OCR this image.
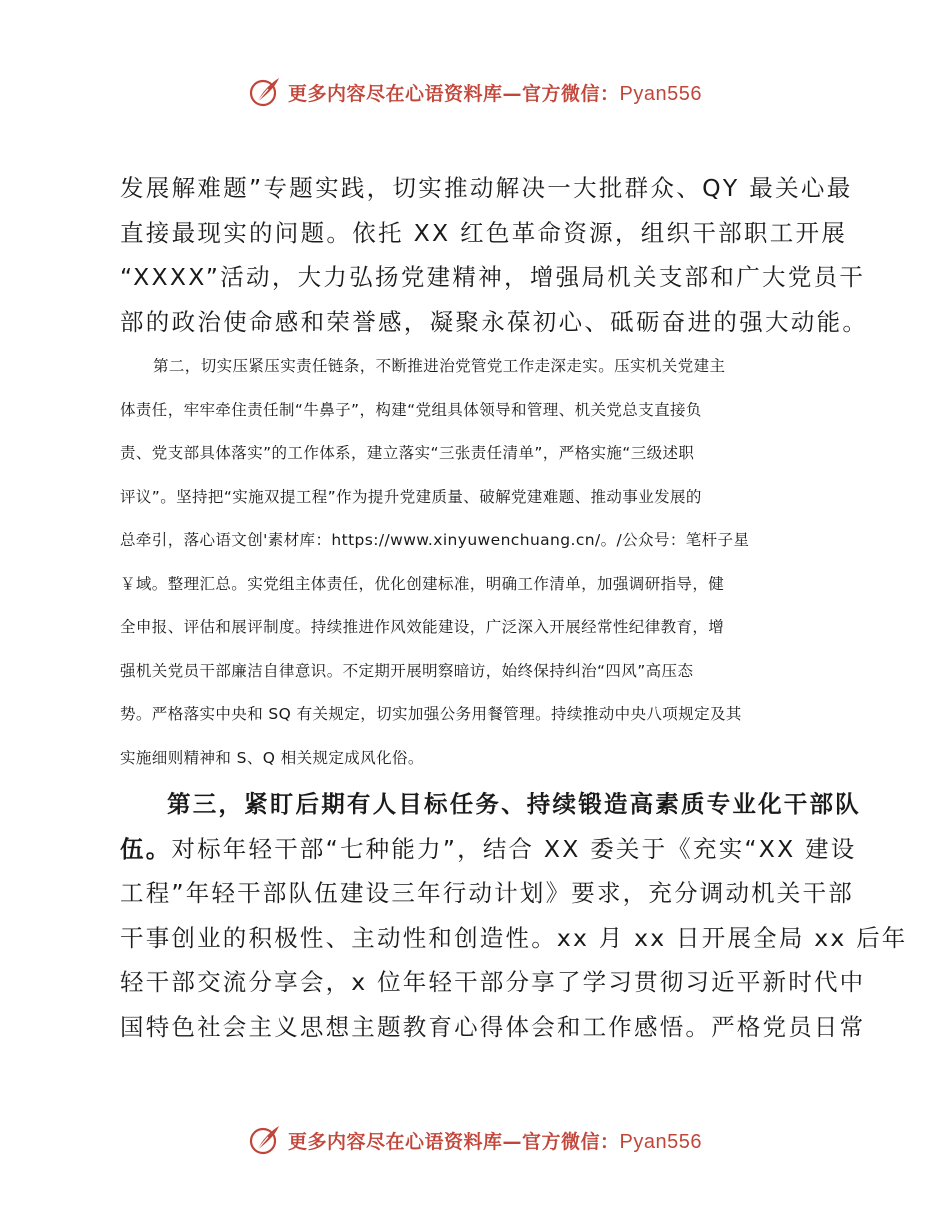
更多内容尽在心语资料库—官方微信：Pyan556
发展解难题”专题实践，切实推动解决一大批群众、QY 最关心最
直接最现实的问题。依托 XX 红色革命资源，组织干部职工开展
“XXXX”活动，大力弘扬党建精神，增强局机关支部和广大党员干
部的政治使命感和荣誉感，凝聚永葆初心、砥砺奋进的强大动能。
第二，切实压紧压实责任链条，不断推进治党管党工作走深走实。压实机关党建主
体责任，牢牢牵住责任制“牛鼻子”，构建“党组具体领导和管理、机关党总支直接负
责、党支部具体落实”的工作体系，建立落实“三张责任清单”，严格实施“三级述职
评议”。坚持把“实施双提工程”作为提升党建质量、破解党建难题、推动事业发展的
总牵引，落心语文创'素材库：https://www.xinyuwenchuang.cn/。/公众号：笔杆子星
￥域。整理汇总。实党组主体责任，优化创建标准，明确工作清单，加强调研指导，健
全申报、评估和展评制度。持续推进作风效能建设，广泛深入开展经常性纪律教育，增
强机关党员干部廉洁自律意识。不定期开展明察暗访，始终保持纠治“四风”高压态
势。严格落实中央和 SQ 有关规定，切实加强公务用餐管理。持续推动中央八项规定及其
实施细则精神和 S、Q 相关规定成风化俗。
第三，紧盯后期有人目标任务、持续锻造高素质专业化干部队
伍。对标年轻干部“七种能力”，结合 XX 委关于《充实“XX 建设
工程”年轻干部队伍建设三年行动计划》要求，充分调动机关干部
干事创业的积极性、主动性和创造性。xx 月 xx 日开展全局 xx 后年
轻干部交流分享会，x 位年轻干部分享了学习贯彻习近平新时代中
国特色社会主义思想主题教育心得体会和工作感悟。严格党员日常
更多内容尽在心语资料库—官方微信：Pyan556
